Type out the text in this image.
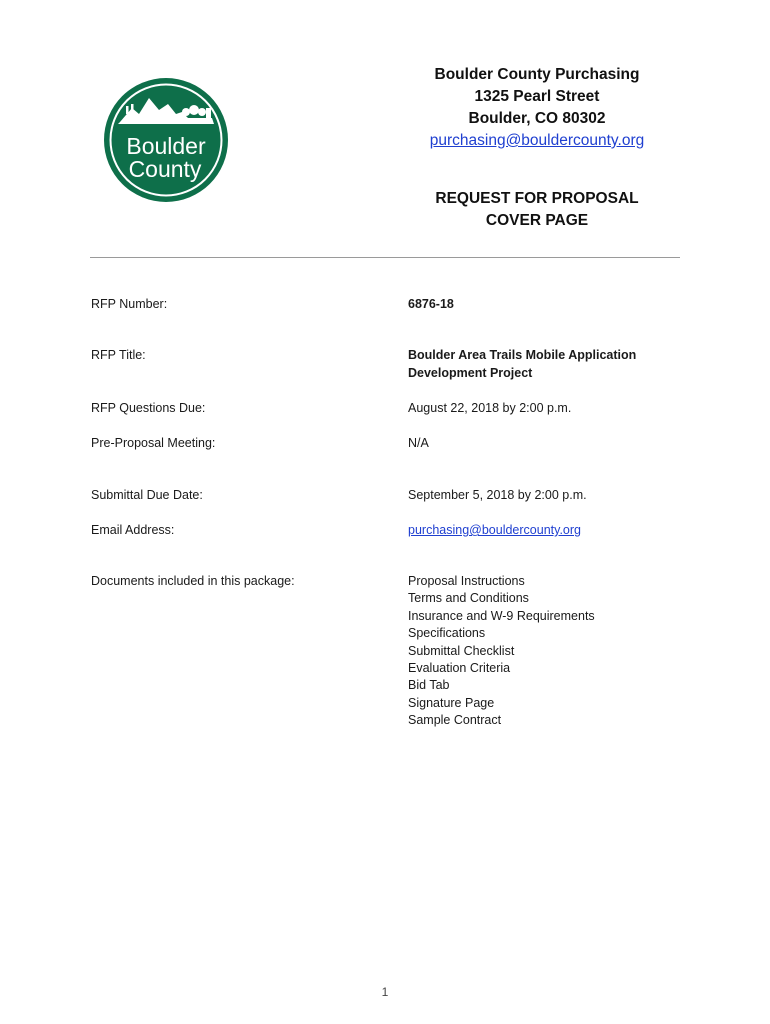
Boulder
County
Boulder County Purchasing
1325 Pearl Street
Boulder, CO 80302
purchasing@bouldercounty.org
REQUEST FOR PROPOSAL
COVER PAGE
RFP Number:	6876-18
RFP Title:	Boulder Area Trails Mobile Application
Development Project
RFP Questions Due:	August 22, 2018 by 2:00 p.m.
Pre-Proposal Meeting:	N/A
Submittal Due Date:	September 5, 2018 by 2:00 p.m.
Email Address:	purchasing@bouldercounty.org
Documents included in this package:	Proposal Instructions
Terms and Conditions
Insurance and W-9 Requirements
Specifications
Submittal Checklist
Evaluation Criteria
Bid Tab
Signature Page
Sample Contract
1
